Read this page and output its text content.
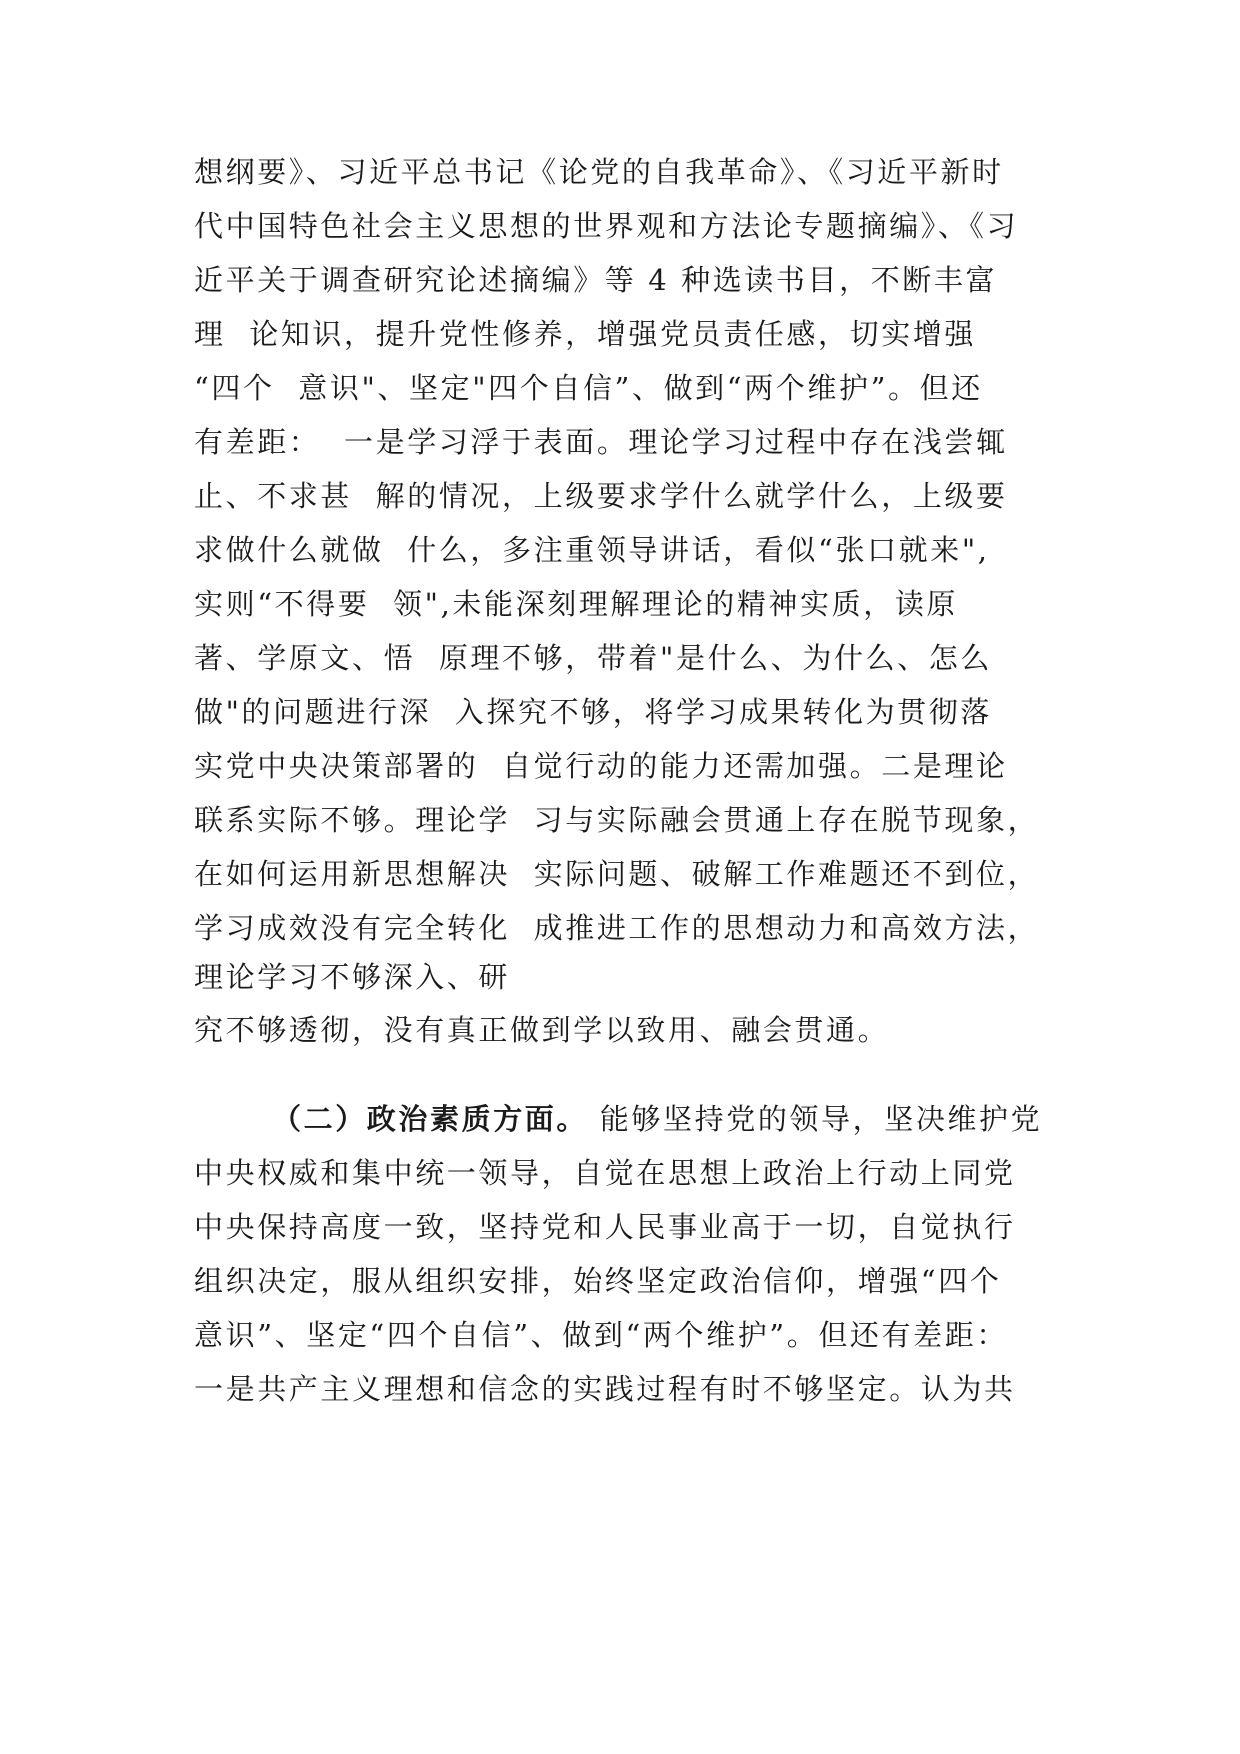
想纲要》、习近平总书记《论党的自我革命》、《习近平新时
代中国特色社会主义思想的世界观和方法论专题摘编》、《习
近平关于调查研究论述摘编》等 4 种选读书目，不断丰富
理  论知识，提升党性修养，增强党员责任感，切实增强
“四个  意识"、坚定"四个自信”、做到“两个维护”。但还
有差距：  一是学习浮于表面。理论学习过程中存在浅尝辄
止、不求甚  解的情况，上级要求学什么就学什么，上级要
求做什么就做  什么，多注重领导讲话，看似“张口就来",
实则“不得要  领",未能深刻理解理论的精神实质，读原
著、学原文、悟  原理不够，带着"是什么、为什么、怎么
做"的问题进行深  入探究不够，将学习成果转化为贯彻落
实党中央决策部署的  自觉行动的能力还需加强。二是理论
联系实际不够。理论学  习与实际融会贯通上存在脱节现象，
在如何运用新思想解决  实际问题、破解工作难题还不到位，
学习成效没有完全转化  成推进工作的思想动力和高效方法，
理论学习不够深入、研
究不够透彻，没有真正做到学以致用、融会贯通。
（二）政治素质方面。 能够坚持党的领导，坚决维护党
中央权威和集中统一领导，自觉在思想上政治上行动上同党
中央保持高度一致，坚持党和人民事业高于一切，自觉执行
组织决定，服从组织安排，始终坚定政治信仰，增强“四个
意识”、坚定“四个自信”、做到“两个维护”。但还有差距：
一是共产主义理想和信念的实践过程有时不够坚定。认为共
